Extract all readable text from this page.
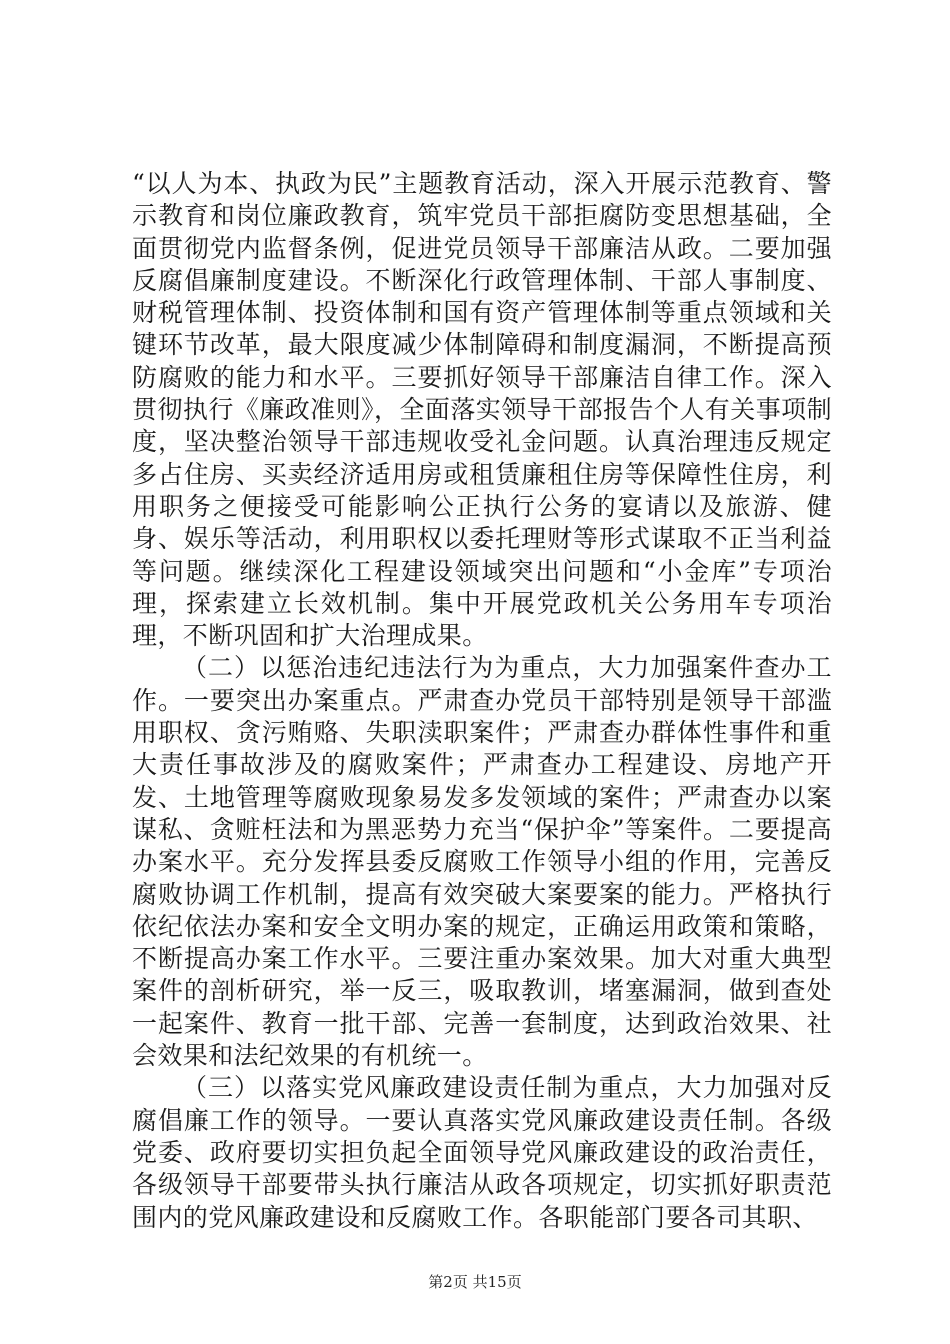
“以人为本、执政为民”主题教育活动，深入开展示范教育、警示教育和岗位廉政教育，筑牢党员干部拒腐防变思想基础，全面贯彻党内监督条例，促进党员领导干部廉洁从政。二要加强反腐倡廉制度建设。不断深化行政管理体制、干部人事制度、财税管理体制、投资体制和国有资产管理体制等重点领域和关键环节改革，最大限度减少体制障碍和制度漏洞，不断提高预防腐败的能力和水平。三要抓好领导干部廉洁自律工作。深入贯彻执行《廉政准则》，全面落实领导干部报告个人有关事项制度，坚决整治领导干部违规收受礼金问题。认真治理违反规定多占住房、买卖经济适用房或租赁廉租住房等保障性住房，利用职务之便接受可能影响公正执行公务的宴请以及旅游、健身、娱乐等活动，利用职权以委托理财等形式谋取不正当利益等问题。继续深化工程建设领域突出问题和“小金库”专项治理，探索建立长效机制。集中开展党政机关公务用车专项治理，不断巩固和扩大治理成果。

（二）以惩治违纪违法行为为重点，大力加强案件查办工作。一要突出办案重点。严肃查办党员干部特别是领导干部滥用职权、贪污贿赂、失职渎职案件；严肃查办群体性事件和重大责任事故涉及的腐败案件；严肃查办工程建设、房地产开发、土地管理等腐败现象易发多发领域的案件；严肃查办以案谋私、贪赃枉法和为黑恶势力充当“保护伞”等案件。二要提高办案水平。充分发挥县委反腐败工作领导小组的作用，完善反腐败协调工作机制，提高有效突破大案要案的能力。严格执行依纪依法办案和安全文明办案的规定，正确运用政策和策略，不断提高办案工作水平。三要注重办案效果。加大对重大典型案件的剖析研究，举一反三，吸取教训，堵塞漏洞，做到查处一起案件、教育一批干部、完善一套制度，达到政治效果、社会效果和法纪效果的有机统一。

（三）以落实党风廉政建设责任制为重点，大力加强对反腐倡廉工作的领导。一要认真落实党风廉政建设责任制。各级党委、政府要切实担负起全面领导党风廉政建设的政治责任，各级领导干部要带头执行廉洁从政各项规定，切实抓好职责范围内的党风廉政建设和反腐败工作。各职能部门要各司其职、

第2页 共15页
